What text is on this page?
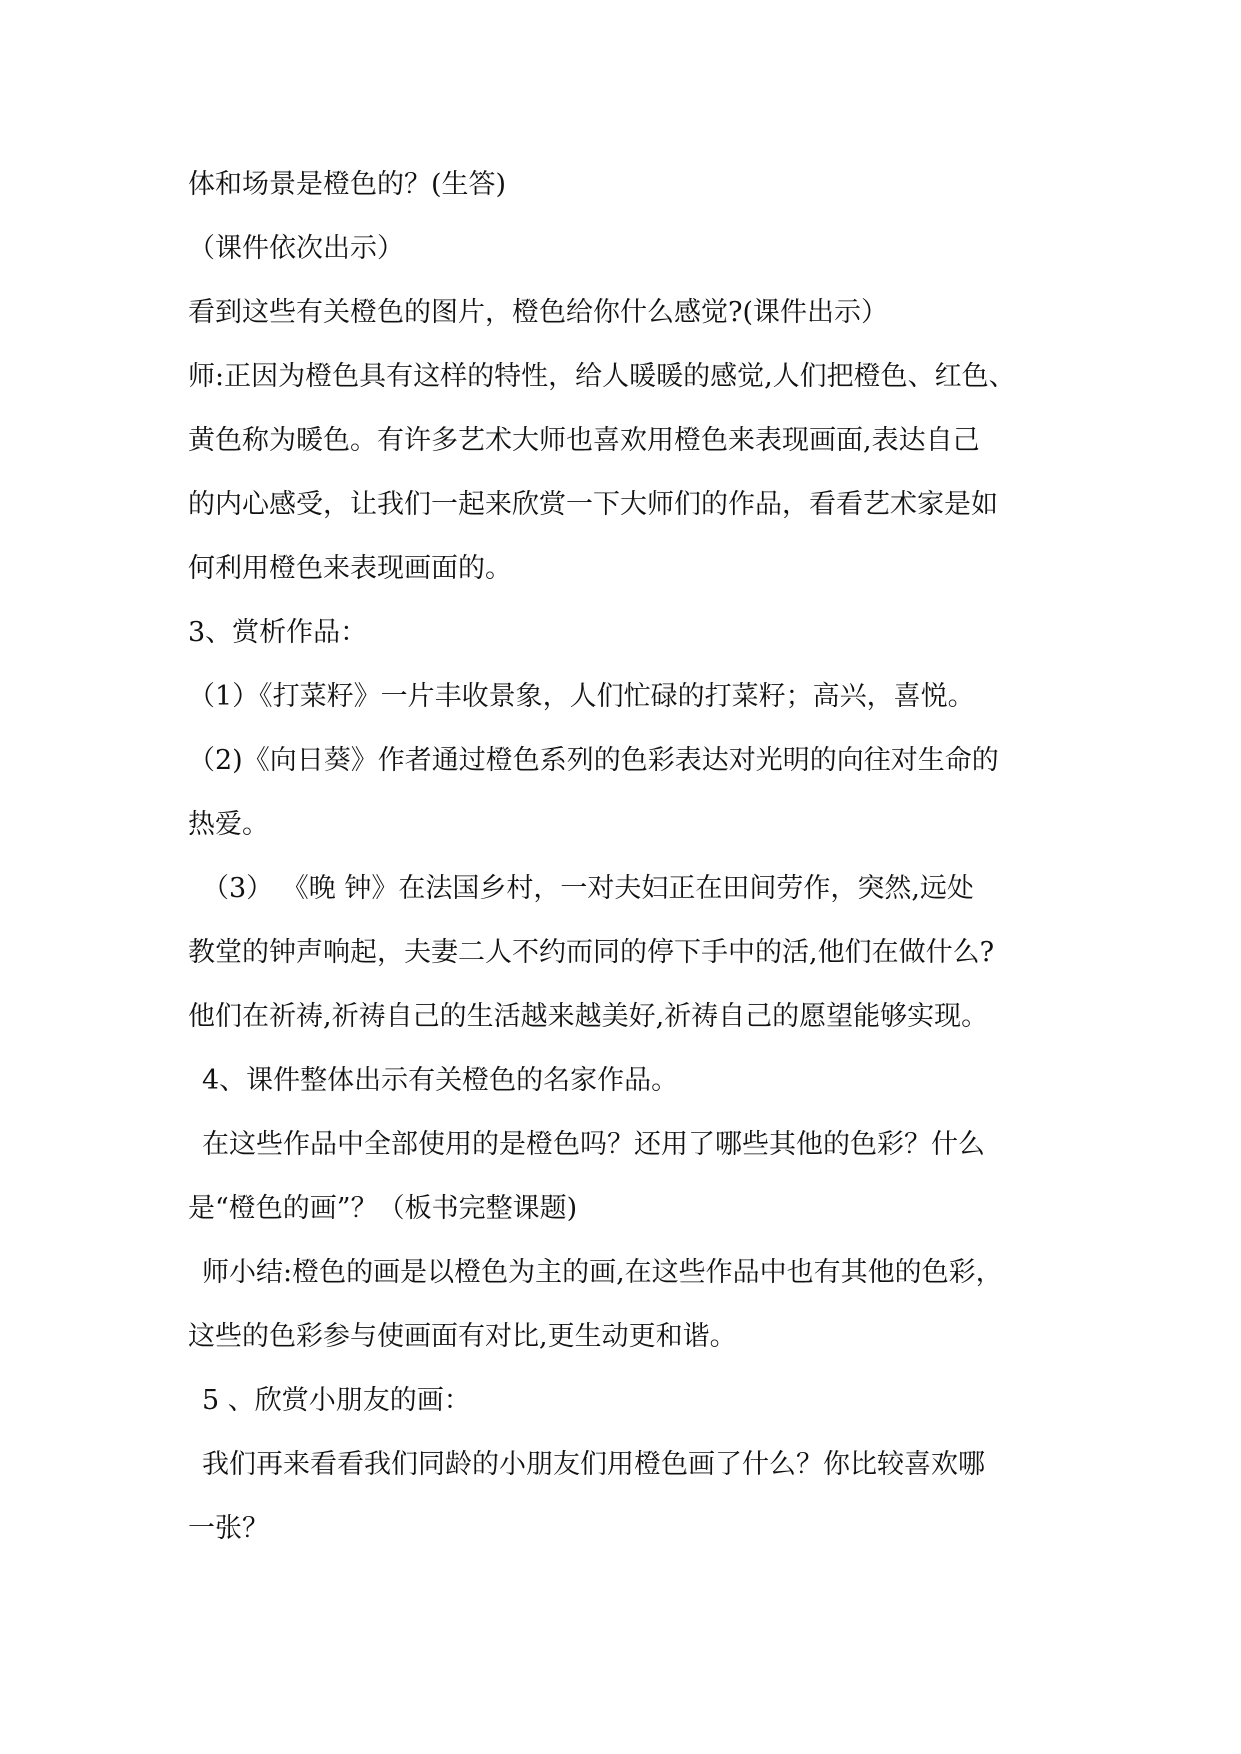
体和场景是橙色的？(生答)
（课件依次出示）
看到这些有关橙色的图片，橙色给你什么感觉?(课件出示）
师:正因为橙色具有这样的特性，给人暖暖的感觉,人们把橙色、红色、
黄色称为暖色。有许多艺术大师也喜欢用橙色来表现画面,表达自己
的内心感受，让我们一起来欣赏一下大师们的作品，看看艺术家是如
何利用橙色来表现画面的。
3、赏析作品：
（1）《打菜籽》一片丰收景象，人们忙碌的打菜籽；高兴，喜悦。
（2)《向日葵》作者通过橙色系列的色彩表达对光明的向往对生命的
热爱。
（3） 《晚 钟》在法国乡村，一对夫妇正在田间劳作，突然,远处
教堂的钟声响起，夫妻二人不约而同的停下手中的活,他们在做什么?
他们在祈祷,祈祷自己的生活越来越美好,祈祷自己的愿望能够实现。
4、课件整体出示有关橙色的名家作品。
在这些作品中全部使用的是橙色吗？还用了哪些其他的色彩？什么
是“橙色的画”？（板书完整课题)
师小结:橙色的画是以橙色为主的画,在这些作品中也有其他的色彩，
这些的色彩参与使画面有对比,更生动更和谐。
5 、欣赏小朋友的画：
我们再来看看我们同龄的小朋友们用橙色画了什么？你比较喜欢哪
一张？
